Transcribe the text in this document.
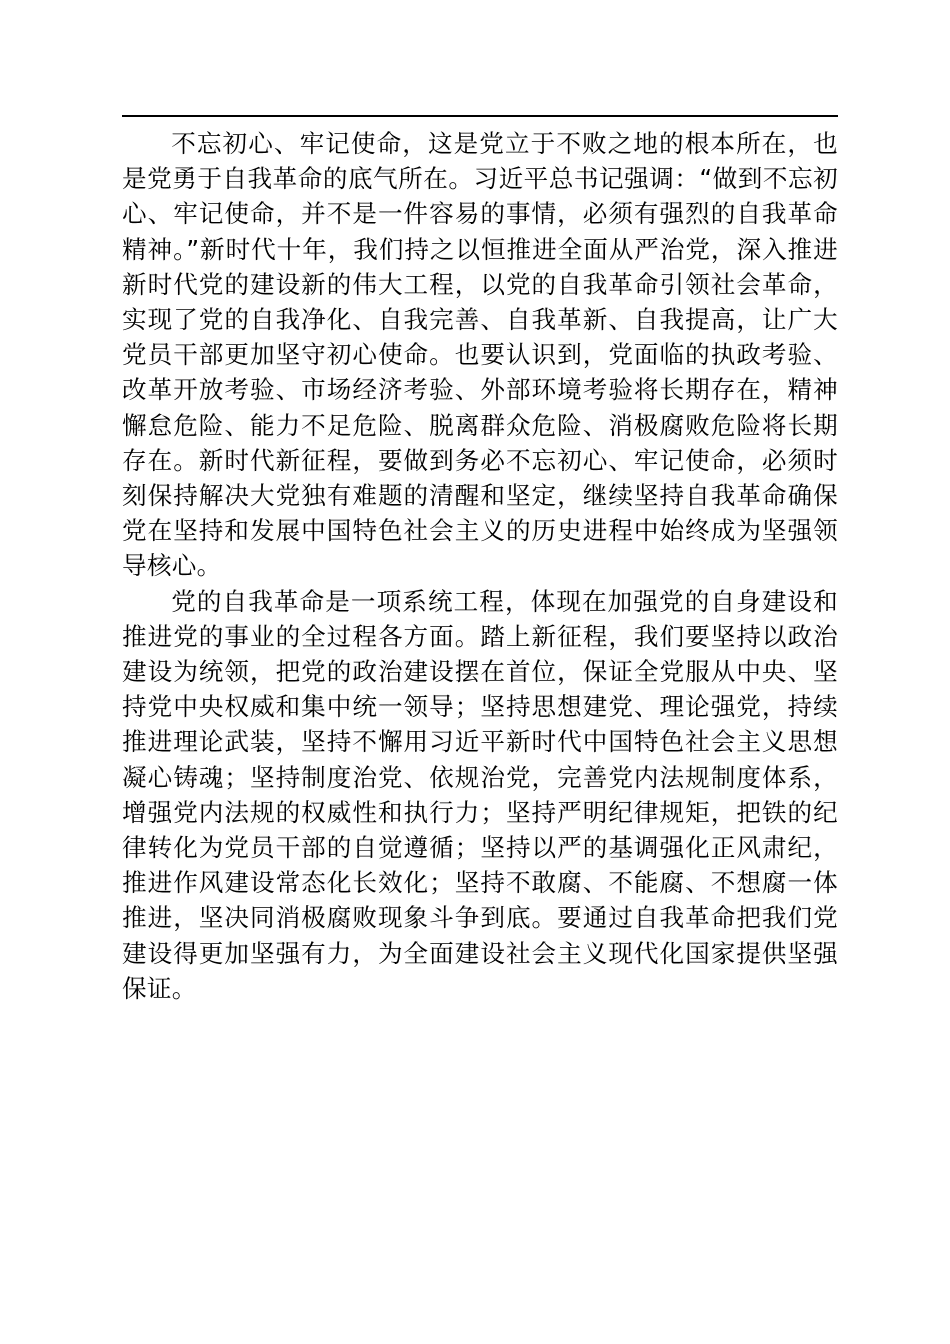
不忘初心、牢记使命，这是党立于不败之地的根本所在，也是党勇于自我革命的底气所在。习近平总书记强调：“做到不忘初心、牢记使命，并不是一件容易的事情，必须有强烈的自我革命精神。”新时代十年，我们持之以恒推进全面从严治党，深入推进新时代党的建设新的伟大工程，以党的自我革命引领社会革命，实现了党的自我净化、自我完善、自我革新、自我提高，让广大党员干部更加坚守初心使命。也要认识到，党面临的执政考验、改革开放考验、市场经济考验、外部环境考验将长期存在，精神懈怠危险、能力不足危险、脱离群众危险、消极腐败危险将长期存在。新时代新征程，要做到务必不忘初心、牢记使命，必须时刻保持解决大党独有难题的清醒和坚定，继续坚持自我革命确保党在坚持和发展中国特色社会主义的历史进程中始终成为坚强领导核心。

党的自我革命是一项系统工程，体现在加强党的自身建设和推进党的事业的全过程各方面。踏上新征程，我们要坚持以政治建设为统领，把党的政治建设摆在首位，保证全党服从中央、坚持党中央权威和集中统一领导；坚持思想建党、理论强党，持续推进理论武装，坚持不懈用习近平新时代中国特色社会主义思想凝心铸魂；坚持制度治党、依规治党，完善党内法规制度体系，增强党内法规的权威性和执行力；坚持严明纪律规矩，把铁的纪律转化为党员干部的自觉遵循；坚持以严的基调强化正风肃纪，推进作风建设常态化长效化；坚持不敢腐、不能腐、不想腐一体推进，坚决同消极腐败现象斗争到底。要通过自我革命把我们党建设得更加坚强有力，为全面建设社会主义现代化国家提供坚强保证。
